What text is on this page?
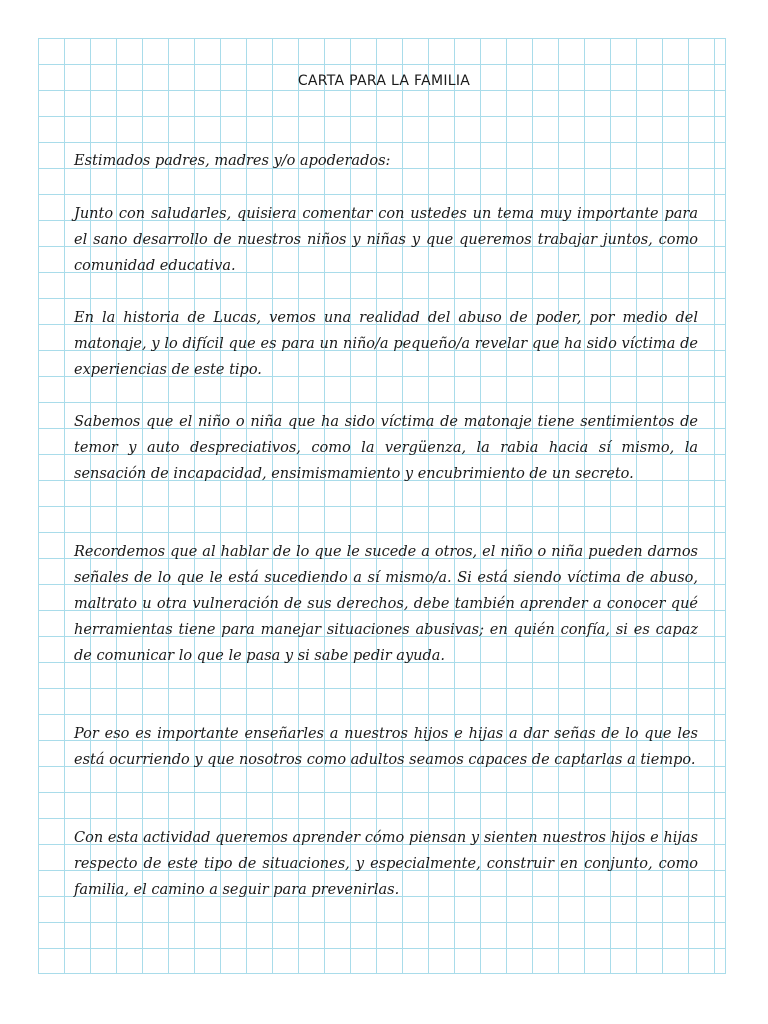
CARTA PARA LA FAMILIA

Estimados padres, madres y/o apoderados:

Junto con saludarles, quisiera comentar con ustedes un tema muy importante para el sano desarrollo de nuestros niños y niñas y que queremos trabajar juntos, como comunidad educativa.

En la historia de Lucas, vemos una realidad del abuso de poder, por medio del matonaje, y lo difícil que es para un niño/a pequeño/a revelar que ha sido víctima de experiencias de este tipo.

Sabemos que el niño o niña que ha sido víctima de matonaje tiene sentimientos de temor y auto despreciativos, como la vergüenza, la rabia hacia sí mismo, la sensación de incapacidad, ensimismamiento y encubrimiento de un secreto.

Recordemos que al hablar de lo que le sucede a otros, el niño o niña pueden darnos señales de lo que le está sucediendo a sí mismo/a. Si está siendo víctima de abuso, maltrato u otra vulneración de sus derechos, debe también aprender a conocer qué herramientas tiene para manejar situaciones abusivas; en quién confía, si es capaz de comunicar lo que le pasa y si sabe pedir ayuda.

Por eso es importante enseñarles a nuestros hijos e hijas a dar señas de lo que les está ocurriendo y que nosotros como adultos seamos capaces de captarlas a tiempo.

Con esta actividad queremos aprender cómo piensan y sienten nuestros hijos e hijas respecto de este tipo de situaciones, y especialmente, construir en conjunto, como familia, el camino a seguir para prevenirlas.
